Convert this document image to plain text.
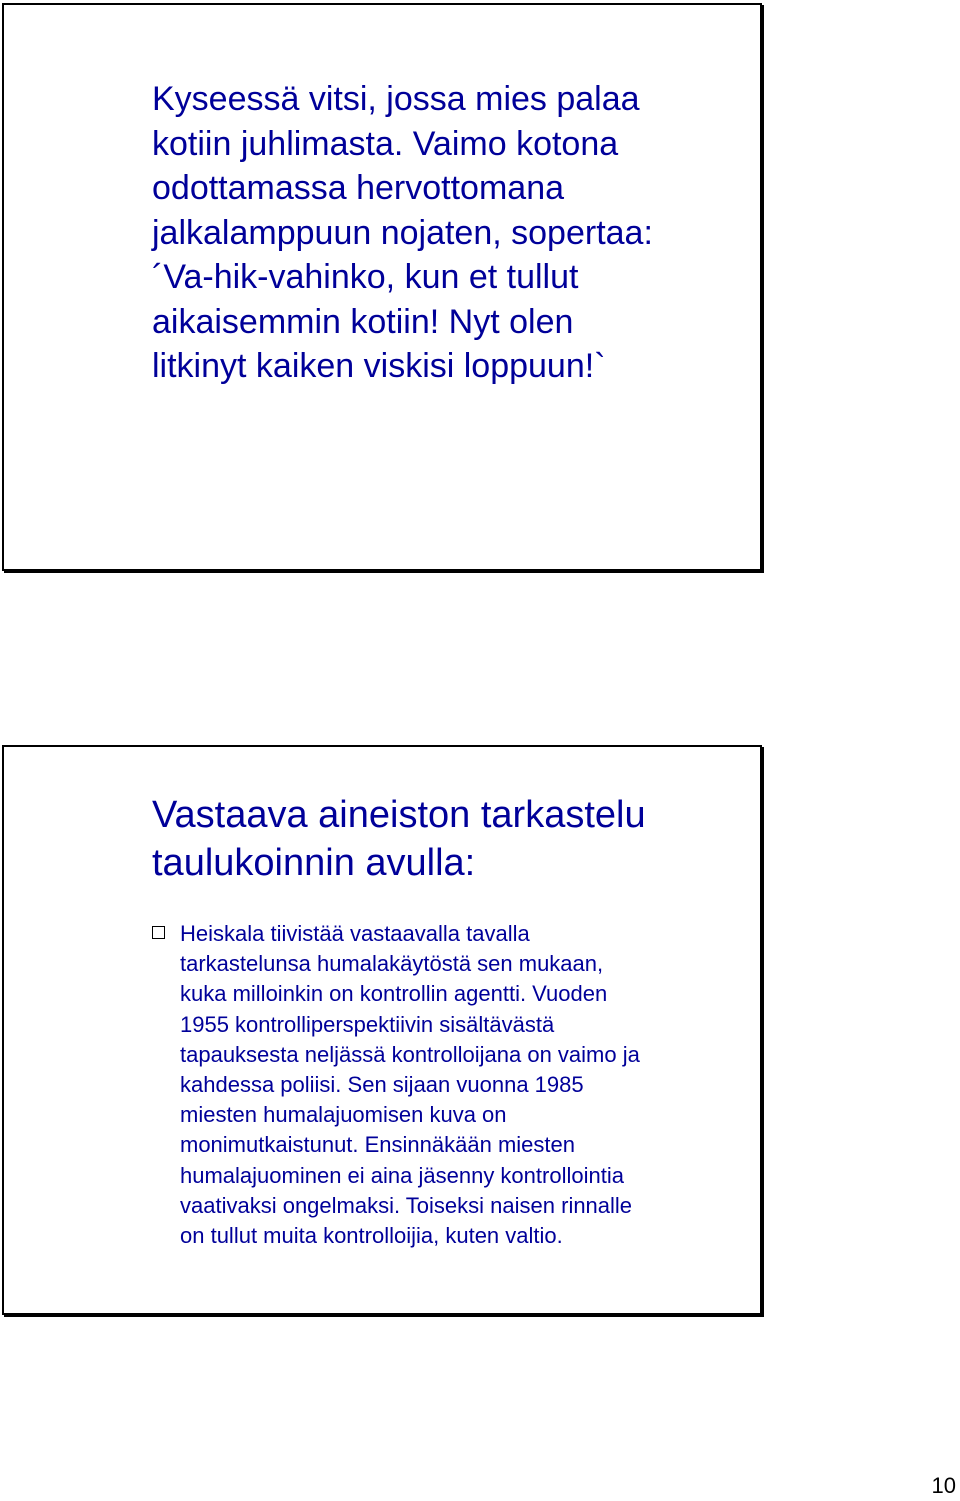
Kyseessä vitsi, jossa mies palaa
kotiin juhlimasta. Vaimo kotona
odottamassa hervottomana
jalkalamppuun nojaten, sopertaa:
´Va-hik-vahinko, kun et tullut
aikaisemmin kotiin! Nyt olen
litkinyt kaiken viskisi loppuun!`

Vastaava aineiston tarkastelu
taulukoinnin avulla:

Heiskala tiivistää vastaavalla tavalla
tarkastelunsa humalakäytöstä sen mukaan,
kuka milloinkin on kontrollin agentti. Vuoden
1955 kontrolliperspektiivin sisältävästä
tapauksesta neljässä kontrolloijana on vaimo ja
kahdessa poliisi. Sen sijaan vuonna 1985
miesten humalajuomisen kuva on
monimutkaistunut. Ensinnäkään miesten
humalajuominen ei aina jäsenny kontrollointia
vaativaksi ongelmaksi. Toiseksi naisen rinnalle
on tullut muita kontrolloijia, kuten valtio.

10
